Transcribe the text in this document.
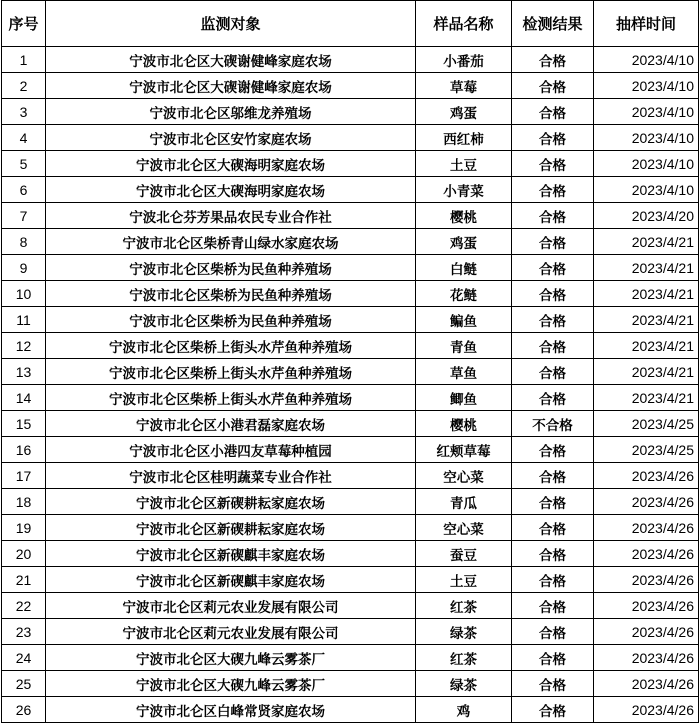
序号	监测对象	样品名称	检测结果	抽样时间
1	宁波市北仑区大碶谢健峰家庭农场	小番茄	合格	2023/4/10
2	宁波市北仑区大碶谢健峰家庭农场	草莓	合格	2023/4/10
3	宁波市北仑区邬维龙养殖场	鸡蛋	合格	2023/4/10
4	宁波市北仑区安竹家庭农场	西红柿	合格	2023/4/10
5	宁波市北仑区大碶海明家庭农场	土豆	合格	2023/4/10
6	宁波市北仑区大碶海明家庭农场	小青菜	合格	2023/4/10
7	宁波北仑芬芳果品农民专业合作社	樱桃	合格	2023/4/20
8	宁波市北仑区柴桥青山绿水家庭农场	鸡蛋	合格	2023/4/21
9	宁波市北仑区柴桥为民鱼种养殖场	白鲢	合格	2023/4/21
10	宁波市北仑区柴桥为民鱼种养殖场	花鲢	合格	2023/4/21
11	宁波市北仑区柴桥为民鱼种养殖场	鳊鱼	合格	2023/4/21
12	宁波市北仑区柴桥上街头水芹鱼种养殖场	青鱼	合格	2023/4/21
13	宁波市北仑区柴桥上街头水芹鱼种养殖场	草鱼	合格	2023/4/21
14	宁波市北仑区柴桥上街头水芹鱼种养殖场	鲫鱼	合格	2023/4/21
15	宁波市北仑区小港君磊家庭农场	樱桃	不合格	2023/4/25
16	宁波市北仑区小港四友草莓种植园	红颊草莓	合格	2023/4/25
17	宁波市北仑区桂明蔬菜专业合作社	空心菜	合格	2023/4/26
18	宁波市北仑区新碶耕耘家庭农场	青瓜	合格	2023/4/26
19	宁波市北仑区新碶耕耘家庭农场	空心菜	合格	2023/4/26
20	宁波市北仑区新碶麒丰家庭农场	蚕豆	合格	2023/4/26
21	宁波市北仑区新碶麒丰家庭农场	土豆	合格	2023/4/26
22	宁波市北仑区莉元农业发展有限公司	红茶	合格	2023/4/26
23	宁波市北仑区莉元农业发展有限公司	绿茶	合格	2023/4/26
24	宁波市北仑区大碶九峰云雾茶厂	红茶	合格	2023/4/26
25	宁波市北仑区大碶九峰云雾茶厂	绿茶	合格	2023/4/26
26	宁波市北仑区白峰常贤家庭农场	鸡	合格	2023/4/26
